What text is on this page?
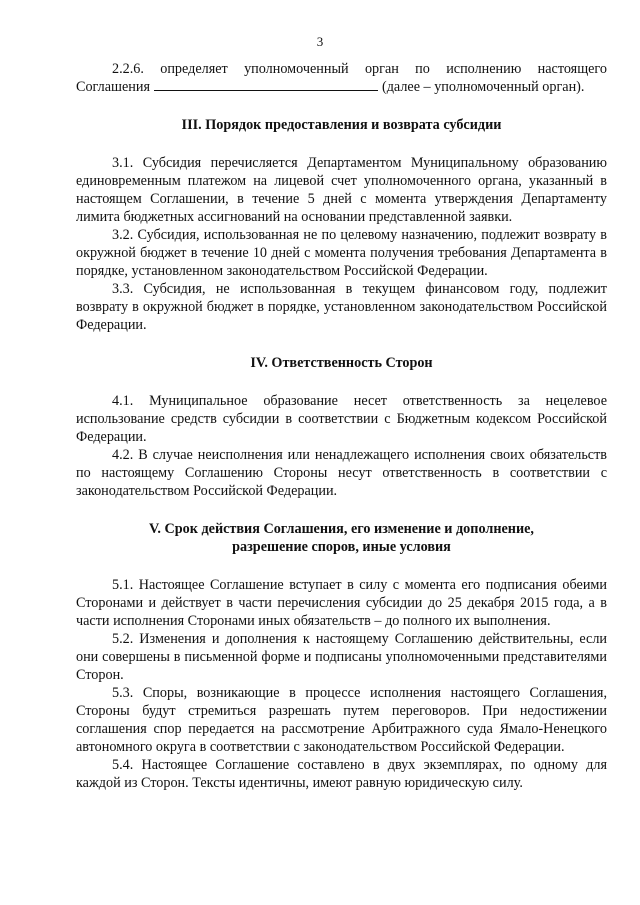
3

2.2.6. определяет уполномоченный орган по исполнению настоящего Соглашения	(далее – уполномоченный орган).

III. Порядок предоставления и возврата субсидии

3.1. Субсидия перечисляется Департаментом Муниципальному образованию единовременным платежом на лицевой счет уполномоченного органа, указанный в настоящем Соглашении, в течение 5 дней с момента утверждения Департаменту лимита бюджетных ассигнований на основании представленной заявки.

3.2. Субсидия, использованная не по целевому назначению, подлежит возврату в окружной бюджет в течение 10 дней с момента получения требования Департамента в порядке, установленном законодательством Российской Федерации.

3.3. Субсидия, не использованная в текущем финансовом году, подлежит возврату в окружной бюджет в порядке, установленном законодательством Российской Федерации.

IV. Ответственность Сторон

4.1. Муниципальное образование несет ответственность за нецелевое использование средств субсидии в соответствии с Бюджетным кодексом Российской Федерации.

4.2. В случае неисполнения или ненадлежащего исполнения своих обязательств по настоящему Соглашению Стороны несут ответственность в соответствии с законодательством Российской Федерации.

V. Срок действия Соглашения, его изменение и дополнение,
разрешение споров, иные условия

5.1. Настоящее Соглашение вступает в силу с момента его подписания обеими Сторонами и действует в части перечисления субсидии до 25 декабря 2015 года, а в части исполнения Сторонами иных обязательств – до полного их выполнения.

5.2. Изменения и дополнения к настоящему Соглашению действительны, если они совершены в письменной форме и подписаны уполномоченными представителями Сторон.

5.3. Споры, возникающие в процессе исполнения настоящего Соглашения, Стороны будут стремиться разрешать путем переговоров. При недостижении соглашения спор передается на рассмотрение Арбитражного суда Ямало-Ненецкого автономного округа в соответствии с законодательством Российской Федерации.

5.4. Настоящее Соглашение составлено в двух экземплярах, по одному для каждой из Сторон. Тексты идентичны, имеют равную юридическую силу.
